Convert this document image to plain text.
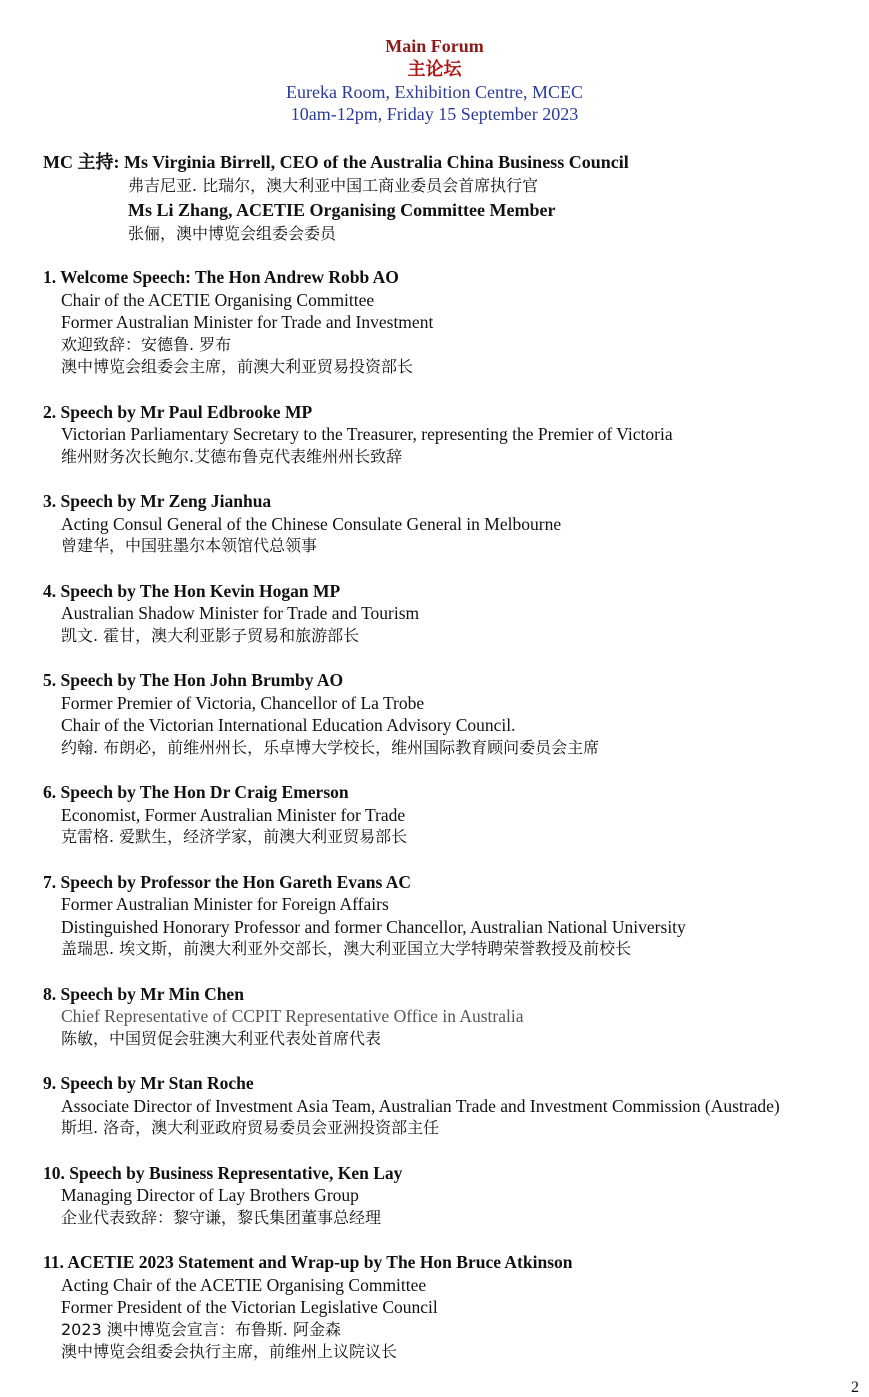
Main Forum
主论坛
Eureka Room, Exhibition Centre, MCEC
10am-12pm, Friday 15 September 2023
MC 主持: Ms Virginia Birrell, CEO of the Australia China Business Council
弗吉尼亚. 比瑞尔，澳大利亚中国工商业委员会首席执行官
Ms Li Zhang, ACETIE Organising Committee Member
张俪，澳中博览会组委会委员
1. Welcome Speech: The Hon Andrew Robb AO
Chair of the ACETIE Organising Committee
Former Australian Minister for Trade and Investment
欢迎致辞：安德鲁. 罗布
澳中博览会组委会主席，前澳大利亚贸易投资部长
2. Speech by Mr Paul Edbrooke MP
Victorian Parliamentary Secretary to the Treasurer, representing the Premier of Victoria
维州财务次长鲍尔.艾德布鲁克代表维州州长致辞
3. Speech by Mr Zeng Jianhua
Acting Consul General of the Chinese Consulate General in Melbourne
曾建华，中国驻墨尔本领馆代总领事
4. Speech by The Hon Kevin Hogan MP
Australian Shadow Minister for Trade and Tourism
凯文. 霍甘，澳大利亚影子贸易和旅游部长
5. Speech by The Hon John Brumby AO
Former Premier of Victoria, Chancellor of La Trobe
Chair of the Victorian International Education Advisory Council.
约翰. 布朗必，前维州州长，乐卓博大学校长，维州国际教育顾问委员会主席
6. Speech by The Hon Dr Craig Emerson
Economist, Former Australian Minister for Trade
克雷格. 爱默生，经济学家，前澳大利亚贸易部长
7. Speech by Professor the Hon Gareth Evans AC
Former Australian Minister for Foreign Affairs
Distinguished Honorary Professor and former Chancellor, Australian National University
盖瑞思. 埃文斯，前澳大利亚外交部长，澳大利亚国立大学特聘荣誉教授及前校长
8. Speech by Mr Min Chen
Chief Representative of CCPIT Representative Office in Australia
陈敏，中国贸促会驻澳大利亚代表处首席代表
9. Speech by Mr Stan Roche
Associate Director of Investment Asia Team, Australian Trade and Investment Commission (Austrade)
斯坦. 洛奇，澳大利亚政府贸易委员会亚洲投资部主任
10. Speech by Business Representative, Ken Lay
Managing Director of Lay Brothers Group
企业代表致辞：黎守谦，黎氏集团董事总经理
11. ACETIE 2023 Statement and Wrap-up by The Hon Bruce Atkinson
Acting Chair of the ACETIE Organising Committee
Former President of the Victorian Legislative Council
2023 澳中博览会宣言：布鲁斯. 阿金森
澳中博览会组委会执行主席，前维州上议院议长
2
